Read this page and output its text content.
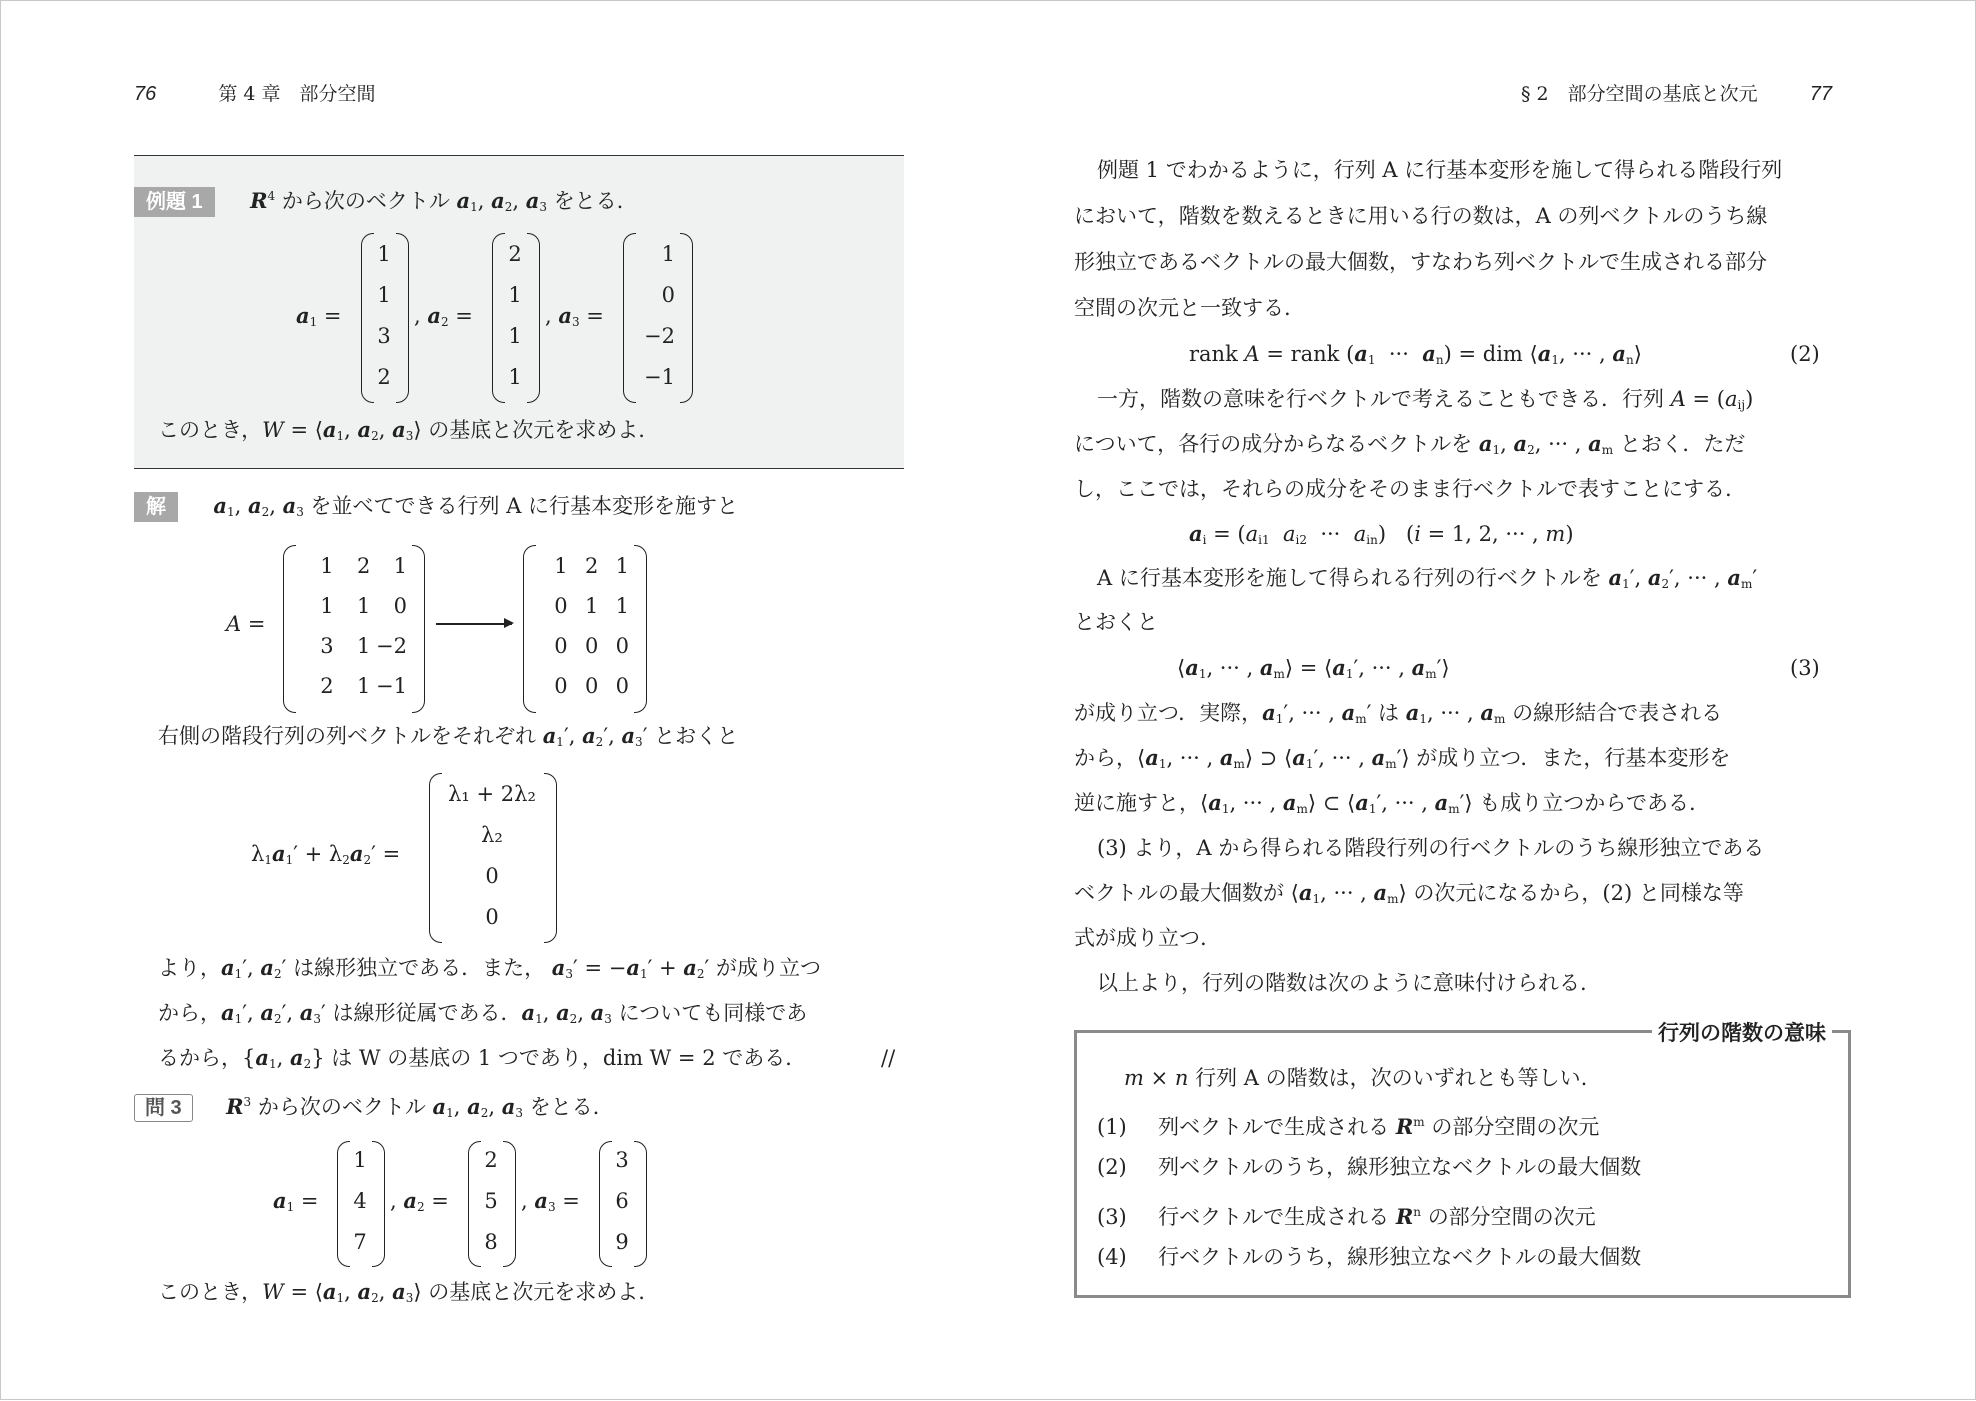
76	第 4 章　部分空間
例題 1 $R^4$ から次のベクトル $a_1$, $a_2$, $a_3$ をとる.
$a_1$ =
1
1
3
2
, $a_2$ =
2
1
1
1
, $a_3$ =
1
0
−2
−1
このとき，$W = ⟨a_1$, $a_2$, $a_3⟩$ の基底と次元を求めよ.
解 $a_1$, $a_2$, $a_3$ を並べてできる行列 A に行基本変形を施すと
A =
1	2	1
1	1	0
3	1 −2
2	1 −1
1 2 1
0 1 1
0 0 0
0 0 0
右側の階段行列の列ベクトルをそれぞれ $a_1'$, $a_2'$, $a_3'$ とおくと
$\lambda_1a_1' + \lambda_2a_2'$ =
λ₁ + 2λ₂
λ₂
0
0
より，$a_1'$, $a_2'$ は線形独立である．また， $a_3' = -a_1' + a_2'$ が成り立つ
から，$a_1'$, $a_2'$, $a_3'$ は線形従属である．$a_1$, $a_2$, $a_3$ についても同様であ
るから，{$a_1$, $a_2$} は W の基底の 1 つであり，dim W = 2 である．	//
問 3 $R^3$ から次のベクトル $a_1$, $a_2$, $a_3$ をとる.
$a_1$ =
1
4
7
, $a_2$ =
2
5
8
, $a_3$ =
3
6
9
このとき，$W = ⟨a_1$, $a_2$, $a_3⟩$ の基底と次元を求めよ.
§ 2　部分空間の基底と次元	77
例題 1 でわかるように，行列 A に行基本変形を施して得られる階段行列
において，階数を数えるときに用いる行の数は，A の列ベクトルのうち線
形独立であるベクトルの最大個数，すなわち列ベクトルで生成される部分
空間の次元と一致する.
rank A = rank ($a_1$  ···  $a_n$) = dim $⟨a_1$, ··· , $a_n⟩$	(2)
一方，階数の意味を行ベクトルで考えることもできる．行列 $A = (a_{ij})$
について，各行の成分からなるベクトルを $a_1$, $a_2$, ··· , $a_m$ とおく．ただ
し，ここでは，それらの成分をそのまま行ベクトルで表すことにする.
$a_i = (a_{i1}$ $a_{i2}$  ···  $a_{in}$)   (i = 1, 2, ··· , m)
A に行基本変形を施して得られる行列の行ベクトルを $a_1'$, $a_2'$, ··· , $a_m'$
とおくと
$⟨a_1$, ··· , $a_m⟩$ = $⟨a_1'$, ··· , $a_m'⟩$	(3)
が成り立つ．実際，$a_1'$, ··· , $a_m'$ は $a_1$, ··· , $a_m$ の線形結合で表される
から，$⟨a_1$, ··· , $a_m⟩$ ⊃ $⟨a_1'$, ··· , $a_m'⟩$ が成り立つ．また，行基本変形を
逆に施すと，$⟨a_1$, ··· , $a_m⟩$ ⊂ $⟨a_1'$, ··· , $a_m'⟩$ も成り立つからである.
(3) より，A から得られる階段行列の行ベクトルのうち線形独立である
ベクトルの最大個数が $⟨a_1$, ··· , $a_m⟩$ の次元になるから，(2) と同様な等
式が成り立つ.
以上より，行列の階数は次のように意味付けられる.
行列の階数の意味
m × n 行列 A の階数は，次のいずれとも等しい.
(1) 列ベクトルで生成される $R^m$ の部分空間の次元
(2) 列ベクトルのうち，線形独立なベクトルの最大個数
(3) 行ベクトルで生成される $R^n$ の部分空間の次元
(4) 行ベクトルのうち，線形独立なベクトルの最大個数
